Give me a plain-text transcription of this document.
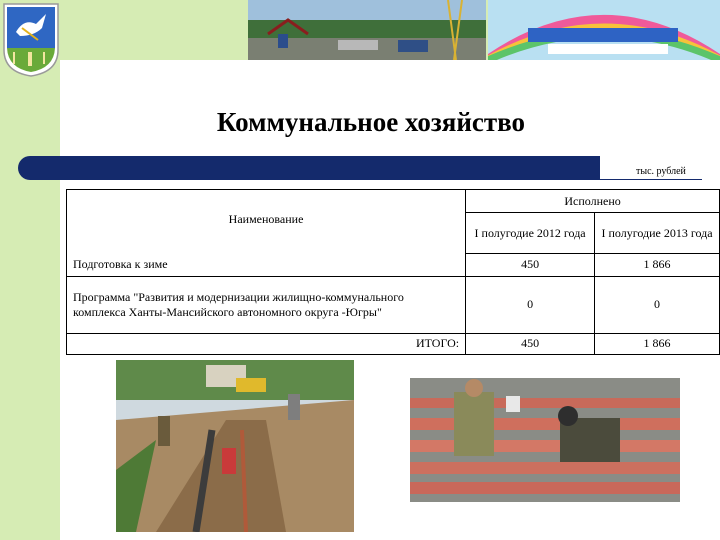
Коммунальное хозяйство
тыс. рублей
Наименование	Исполнено	
	I полугодие 2012 года	I полугодие 2013 года
Подготовка к зиме	450	1 866
Программа "Развития и модернизации жилищно-коммунального комплекса Ханты-Мансийского автономного округа -Югры"	0	0
ИТОГО:	450	1 866
